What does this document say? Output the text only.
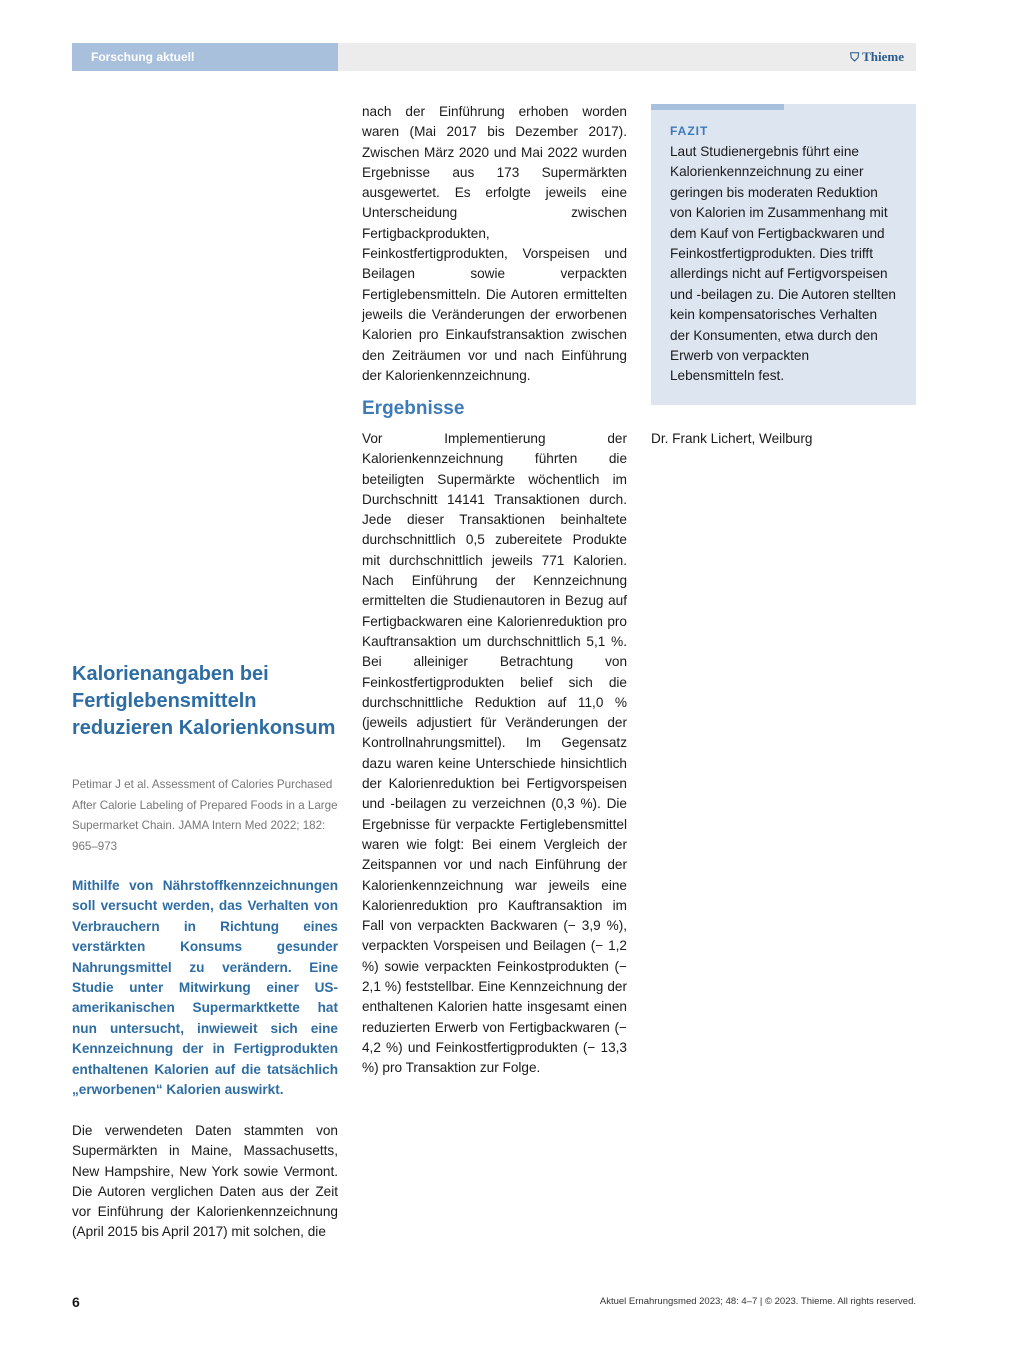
Forschung aktuell	⛉ Thieme
Kalorienangaben bei Fertiglebensmitteln reduzieren Kalorienkonsum

Petimar J et al. Assessment of Calories Purchased After Calorie Labeling of Prepared Foods in a Large Supermarket Chain. JAMA Intern Med 2022; 182: 965–973

Mithilfe von Nährstoffkennzeichnungen soll versucht werden, das Verhalten von Verbrauchern in Richtung eines verstärkten Konsums gesunder Nahrungsmittel zu verändern. Eine Studie unter Mitwirkung einer US-amerikanischen Supermarktkette hat nun untersucht, inwieweit sich eine Kennzeichnung der in Fertigprodukten enthaltenen Kalorien auf die tatsächlich „erworbenen“ Kalorien auswirkt.

Die verwendeten Daten stammten von Supermärkten in Maine, Massachusetts, New Hampshire, New York sowie Vermont. Die Autoren verglichen Daten aus der Zeit vor Einführung der Kalorienkennzeichnung (April 2015 bis April 2017) mit solchen, die

nach der Einführung erhoben worden waren (Mai 2017 bis Dezember 2017). Zwischen März 2020 und Mai 2022 wurden Ergebnisse aus 173 Supermärkten ausgewertet. Es erfolgte jeweils eine Unterscheidung zwischen Fertigbackprodukten, Feinkostfertigprodukten, Vorspeisen und Beilagen sowie verpackten Fertiglebensmitteln. Die Autoren ermittelten jeweils die Veränderungen der erworbenen Kalorien pro Einkaufstransaktion zwischen den Zeiträumen vor und nach Einführung der Kalorienkennzeichnung.

Ergebnisse

Vor Implementierung der Kalorienkennzeichnung führten die beteiligten Supermärkte wöchentlich im Durchschnitt 14141 Transaktionen durch. Jede dieser Transaktionen beinhaltete durchschnittlich 0,5 zubereitete Produkte mit durchschnittlich jeweils 771 Kalorien. Nach Einführung der Kennzeichnung ermittelten die Studienautoren in Bezug auf Fertigbackwaren eine Kalorienreduktion pro Kauftransaktion um durchschnittlich 5,1 %. Bei alleiniger Betrachtung von Feinkostfertigprodukten belief sich die durchschnittliche Reduktion auf 11,0 % (jeweils adjustiert für Veränderungen der Kontrollnahrungsmittel). Im Gegensatz dazu waren keine Unterschiede hinsichtlich der Kalorienreduktion bei Fertigvorspeisen und -beilagen zu verzeichnen (0,3 %). Die Ergebnisse für verpackte Fertiglebensmittel waren wie folgt: Bei einem Vergleich der Zeitspannen vor und nach Einführung der Kalorienkennzeichnung war jeweils eine Kalorienreduktion pro Kauftransaktion im Fall von verpackten Backwaren (− 3,9 %), verpackten Vorspeisen und Beilagen (− 1,2 %) sowie verpackten Feinkostprodukten (− 2,1 %) feststellbar. Eine Kennzeichnung der enthaltenen Kalorien hatte insgesamt einen reduzierten Erwerb von Fertigbackwaren (− 4,2 %) und Feinkostfertigprodukten (− 13,3 %) pro Transaktion zur Folge.

FAZIT

Laut Studienergebnis führt eine Kalorienkennzeichnung zu einer geringen bis moderaten Reduktion von Kalorien im Zusammenhang mit dem Kauf von Fertigbackwaren und Feinkostfertigprodukten. Dies trifft allerdings nicht auf Fertigvorspeisen und -beilagen zu. Die Autoren stellten kein kompensatorisches Verhalten der Konsumenten, etwa durch den Erwerb von verpackten Lebensmitteln fest.

Dr. Frank Lichert, Weilburg

6	Aktuel Ernahrungsmed 2023; 48: 4–7 | © 2023. Thieme. All rights reserved.
